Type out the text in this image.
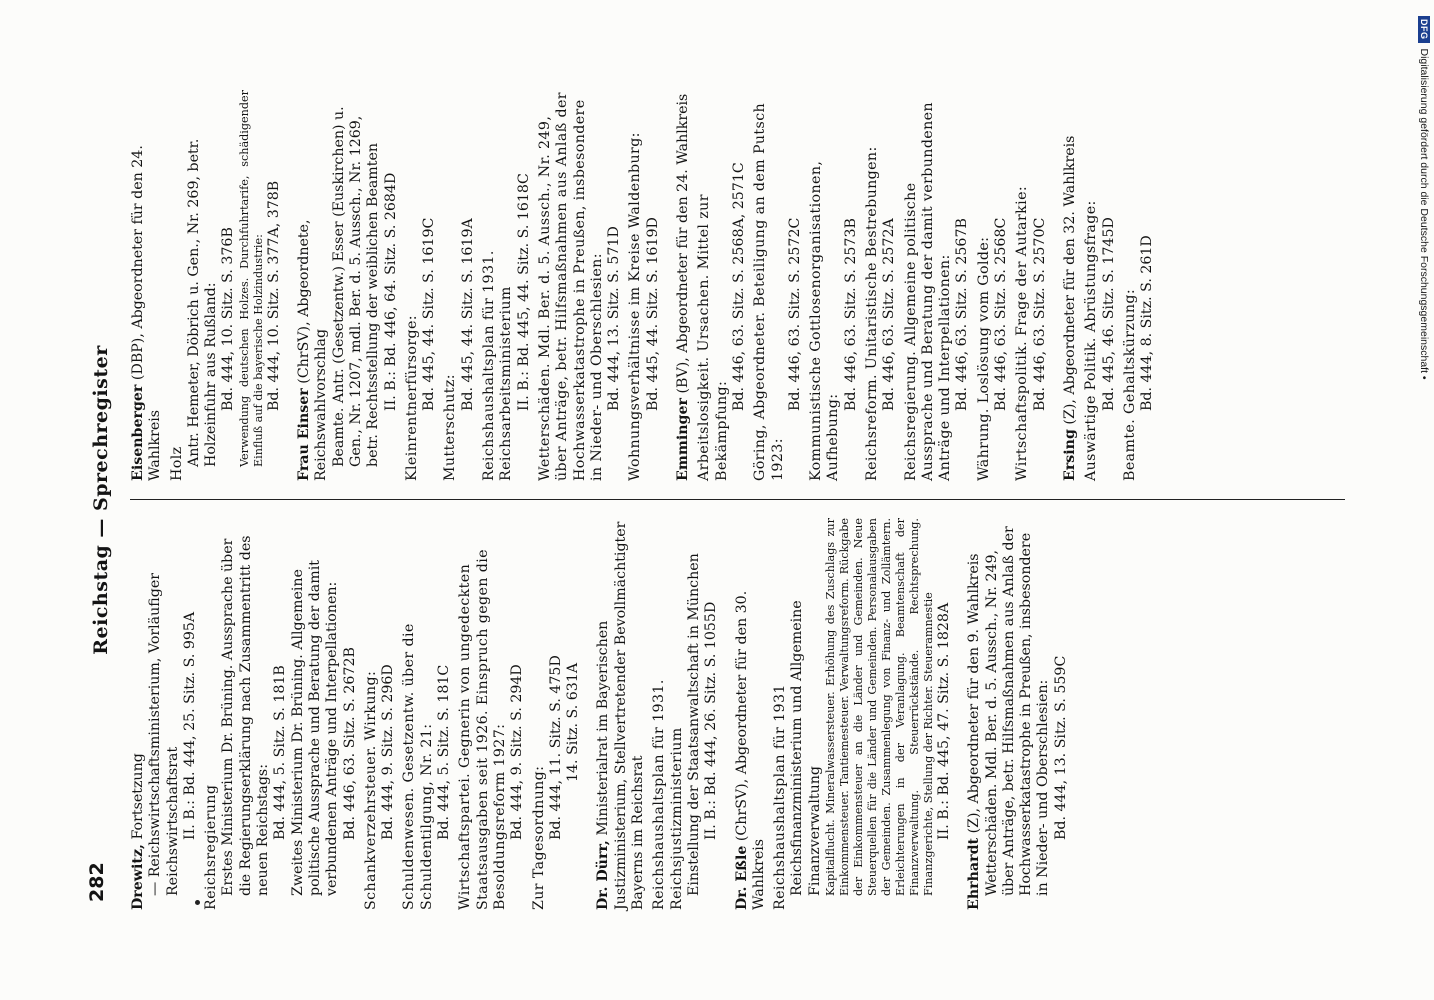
282
Reichstag — Sprechregister
Drewitz, Fortsetzung — Reichswirtschaftsministerium, Vorläufiger Reichswirtschaftsrat II. B.: Bd. 444, 25. Sitz. S. 995A
Reichsregierung Erstes Ministerium Dr. Brüning. Aussprache über die Regierungserklärung nach Zusammentritt des neuen Reichstags: Bd. 444, 5. Sitz. S. 181B Zweites Ministerium Dr. Brüning. Allgemeine politische Aussprache und Beratung der damit verbundenen Anträge und Interpellationen: Bd. 446, 63. Sitz. S. 2672B Schankverzehrsteuer. Wirkung: Bd. 444, 9. Sitz. S. 296D Schuldenwesen. Gesetzentw. über die Schuldentilgung, Nr. 21: Bd. 444, 5. Sitz. S. 181C Wirtschaftspartei. Gegnerin von ungedeckten Staatsausgaben seit 1926. Einspruch gegen die Besoldungsreform 1927: Bd. 444, 9. Sitz. S. 294D Zur Tagesordnung: Bd. 444, 11. Sitz. S. 475D 14. Sitz. S. 631A
Dr. Dürr, Ministerialrat im Bayerischen Justizministerium, Stellvertretender Bevollmächtigter Bayerns im Reichsrat Reichshaushaltsplan für 1931. Reichsjustizministerium Einstellung der Staatsanwaltschaft in München II. B.: Bd. 444, 26. Sitz. S. 1055D
Dr. Eßle (ChrSV), Abgeordneter für den 30. Wahlkreis Reichshaushaltsplan für 1931 Reichsfinanzministerium und Allgemeine Finanzverwaltung Kapitalflucht. Mineralwassersteuer. Erhöhung des Zuschlags zur Einkommensteuer. Tantiemesteuer. Verwaltungsreform. Rückgabe der Einkommensteuer an die Länder und Gemeinden. Neue Steuerquellen für die Länder und Gemeinden. Personalausgaben der Gemeinden. Zusammenlegung von Finanz- und Zollämtern. Erleichterungen in der Veranlagung. Beamtenschaft der Finanzverwaltung. Steuerrückstände. Rechtsprechung. Finanzgerichte, Stellung der Richter. Steueramnestie II. B.: Bd. 445, 47. Sitz. S. 1828A
Ehrhardt (Z), Abgeordneter für den 9. Wahlkreis Wetterschäden. Mdl. Ber. d. 5. Aussch., Nr. 249, über Anträge, betr. Hilfsmaßnahmen aus Anlaß der Hochwasserkatastrophe in Preußen, insbesondere in Nieder- und Oberschlesien: Bd. 444, 13. Sitz. S. 559C
Eisenberger (DBP), Abgeordneter für den 24. Wahlkreis Holz Antr. Hemeter, Döbrich u. Gen., Nr. 269, betr. Holzeinfuhr aus Rußland: Bd. 444, 10. Sitz. S. 376B Verwendung deutschen Holzes. Durchfuhrtarife, schädigender Einfluß auf die bayerische Holzindustrie: Bd. 444, 10. Sitz. S. 377A, 378B
Frau Einser (ChrSV), Abgeordnete, Reichswahlvorschlag Beamte. Antr. (Gesetzentw.) Esser (Euskirchen) u. Gen., Nr. 1207, mdl. Ber. d. 5. Aussch., Nr. 1269, betr. Rechtsstellung der weiblichen Beamten II. B.: Bd. 446, 64. Sitz. S. 2684D Kleinrentnerfürsorge: Bd. 445, 44. Sitz. S. 1619C
Mutterschutz:
Bd. 445, 44. Sitz. S. 1619A Reichshaushaltsplan für 1931. Reichsarbeitsministerium II. B.: Bd. 445, 44. Sitz. S. 1618C Wetterschäden. Mdl. Ber. d. 5. Aussch., Nr. 249, über Anträge, betr. Hilfsmaßnahmen aus Anlaß der Hochwasserkatastrophe in Preußen, insbesondere in Nieder- und Oberschlesien: Bd. 444, 13. Sitz. S. 571D Wohnungsverhältnisse im Kreise Waldenburg: Bd. 445, 44. Sitz. S. 1619D
Emminger (BV), Abgeordneter für den 24. Wahlkreis Arbeitslosigkeit. Ursachen. Mittel zur Bekämpfung:
Bd. 446, 63. Sitz. S. 2568A, 2571C Göring, Abgeordneter. Beteiligung an dem Putsch 1923:
Bd. 446, 63. Sitz. S. 2572C Kommunistische Gottlosenorganisationen, Aufhebung:
Bd. 446, 63. Sitz. S. 2573B Reichsreform. Unitaristische Bestrebungen: Bd. 446, 63. Sitz. S. 2572A Reichsregierung. Allgemeine politische Aussprache und Beratung der damit verbundenen Anträge und Interpellationen: Bd. 446, 63. Sitz. S. 2567B Währung. Loslösung vom Golde: Bd. 446, 63. Sitz. S. 2568C Wirtschaftspolitik. Frage der Autarkie: Bd. 446, 63. Sitz. S. 2570C
Ersing (Z), Abgeordneter für den 32. Wahlkreis Auswärtige Politik. Abrüstungsfrage: Bd. 445, 46. Sitz. S. 1745D Beamte. Gehaltskürzung: Bd. 444, 8. Sitz. S. 261D
DFG
Digitalisierung gefördert durch die Deutsche Forschungsgemeinschaft •
